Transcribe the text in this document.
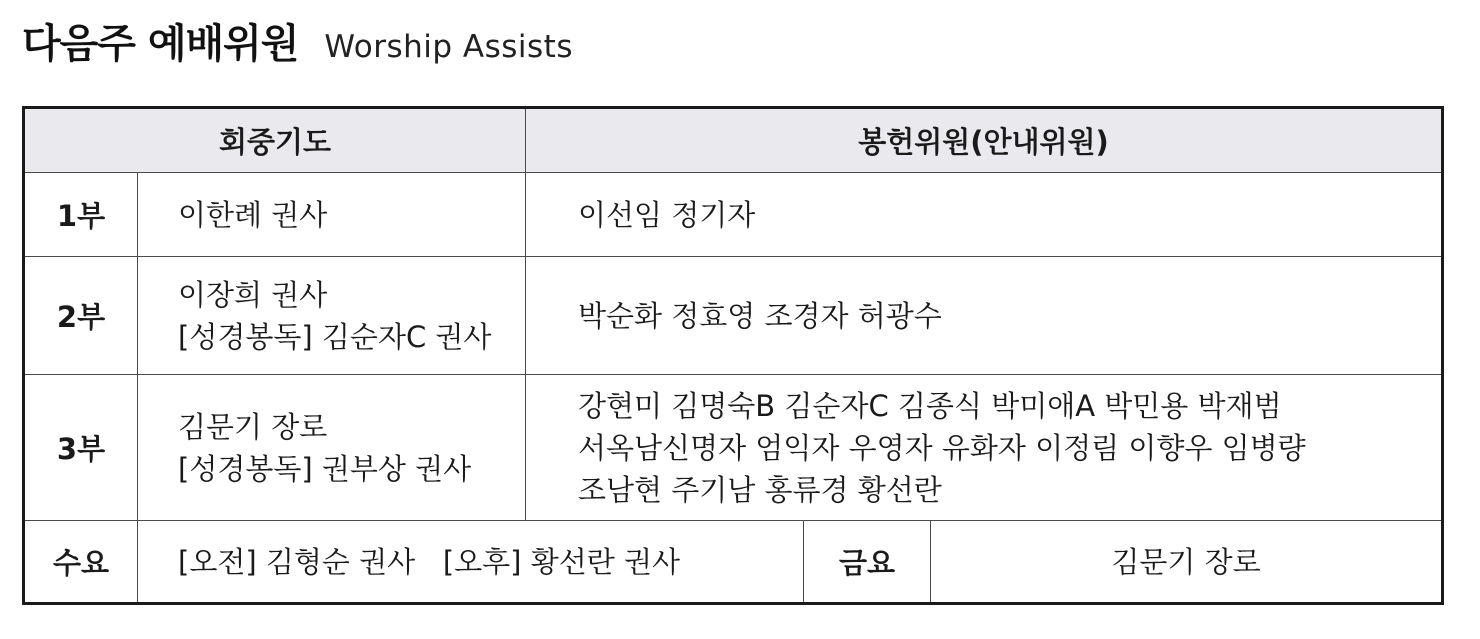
다음주 예배위원 Worship Assists
회중기도		봉헌위원(안내위원)		
1부	이한례 권사	이선임 정기자		

2부	이장희 권사
[성경봉독] 김순자C 권사	박순화 정효영 조경자 허광수		

3부	김문기 장로
[성경봉독] 권부상 권사	강현미 김명숙B 김순자C 김종식 박미애A 박민용 박재범
서옥남신명자 엄익자 우영자 유화자 이정림 이향우 임병량
조남현 주기남 홍류경 황선란		

수요	[오전] 김형순 권사   [오후] 황선란 권사		금요	김문기 장로
